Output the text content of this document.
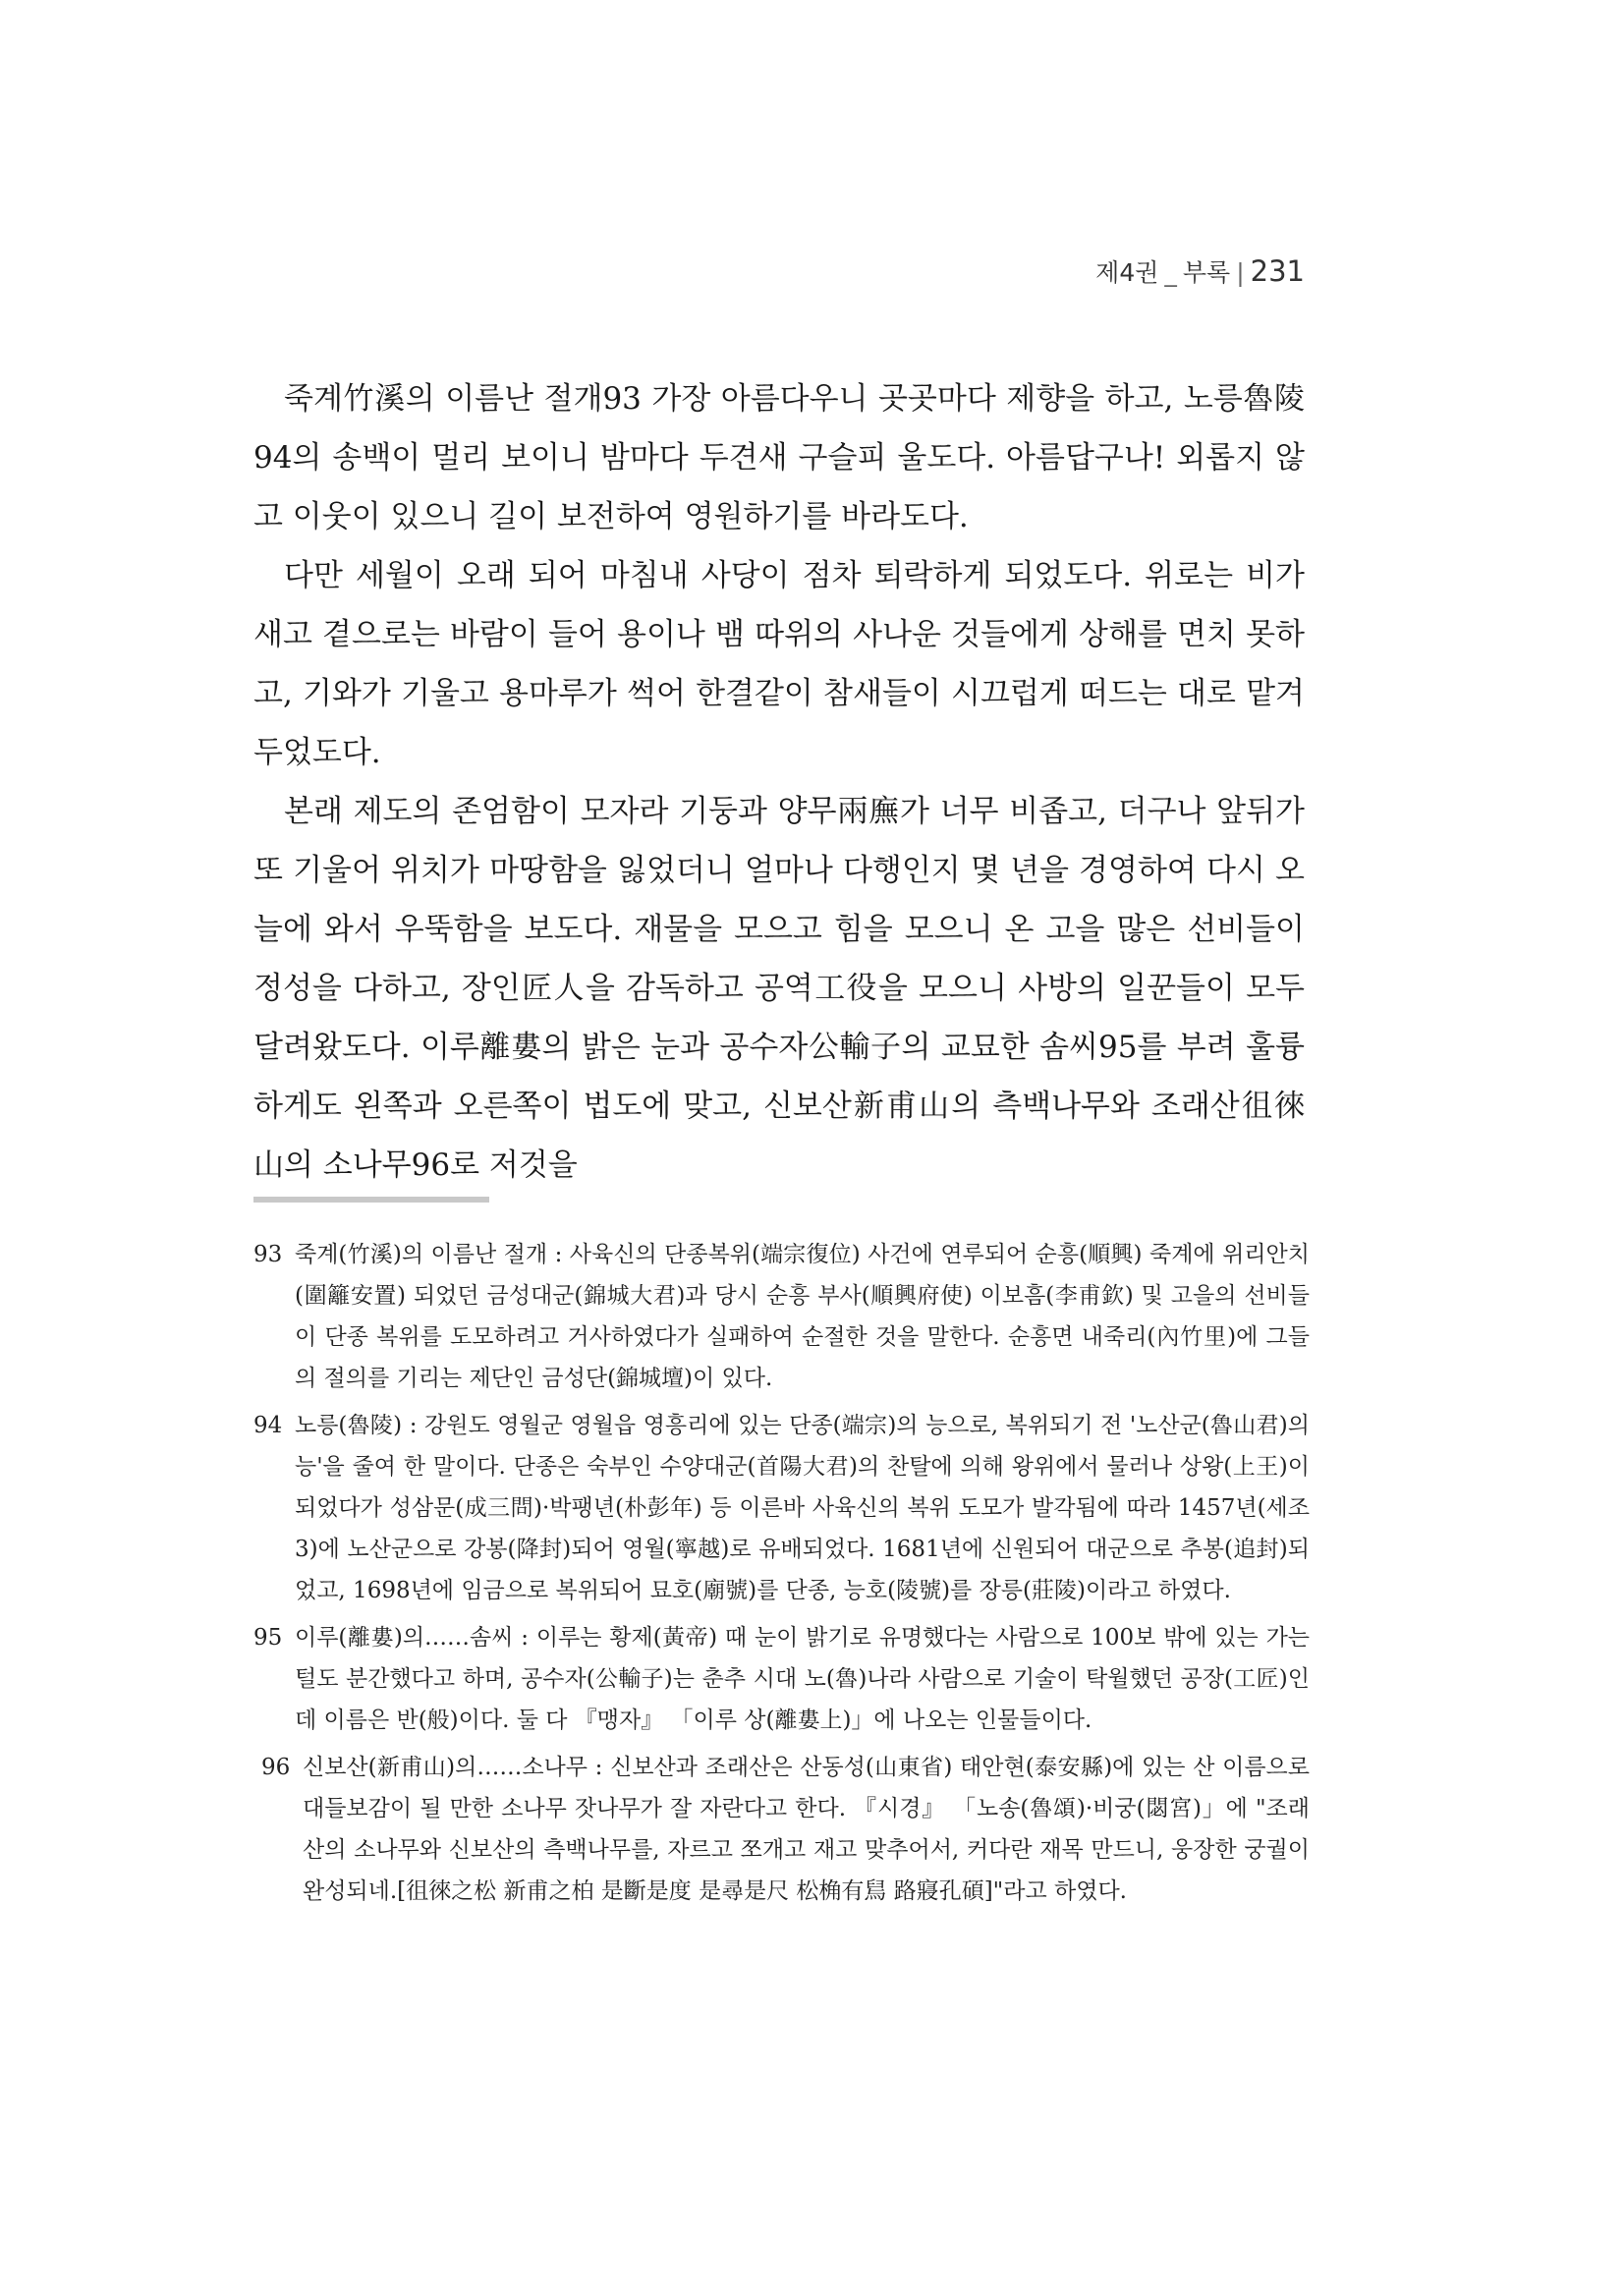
제4권 _ 부록 | 231

죽계竹溪의 이름난 절개93 가장 아름다우니 곳곳마다 제향을 하고, 노릉魯陵94의 송백이 멀리 보이니 밤마다 두견새 구슬피 울도다. 아름답구나! 외롭지 않고 이웃이 있으니 길이 보전하여 영원하기를 바라도다.

다만 세월이 오래 되어 마침내 사당이 점차 퇴락하게 되었도다. 위로는 비가 새고 곁으로는 바람이 들어 용이나 뱀 따위의 사나운 것들에게 상해를 면치 못하고, 기와가 기울고 용마루가 썩어 한결같이 참새들이 시끄럽게 떠드는 대로 맡겨 두었도다.

본래 제도의 존엄함이 모자라 기둥과 양무兩廡가 너무 비좁고, 더구나 앞뒤가 또 기울어 위치가 마땅함을 잃었더니 얼마나 다행인지 몇 년을 경영하여 다시 오늘에 와서 우뚝함을 보도다. 재물을 모으고 힘을 모으니 온 고을 많은 선비들이 정성을 다하고, 장인匠人을 감독하고 공역工役을 모으니 사방의 일꾼들이 모두 달려왔도다. 이루離婁의 밝은 눈과 공수자公輸子의 교묘한 솜씨95를 부려 훌륭하게도 왼쪽과 오른쪽이 법도에 맞고, 신보산新甫山의 측백나무와 조래산徂徠山의 소나무96로 저것을

93 죽계(竹溪)의 이름난 절개 : 사육신의 단종복위(端宗復位) 사건에 연루되어 순흥(順興) 죽계에 위리안치(圍籬安置) 되었던 금성대군(錦城大君)과 당시 순흥 부사(順興府使) 이보흠(李甫欽) 및 고을의 선비들이 단종 복위를 도모하려고 거사하였다가 실패하여 순절한 것을 말한다. 순흥면 내죽리(內竹里)에 그들의 절의를 기리는 제단인 금성단(錦城壇)이 있다.
94 노릉(魯陵) : 강원도 영월군 영월읍 영흥리에 있는 단종(端宗)의 능으로, 복위되기 전 '노산군(魯山君)의 능'을 줄여 한 말이다. 단종은 숙부인 수양대군(首陽大君)의 찬탈에 의해 왕위에서 물러나 상왕(上王)이 되었다가 성삼문(成三問)·박팽년(朴彭年) 등 이른바 사육신의 복위 도모가 발각됨에 따라 1457년(세조3)에 노산군으로 강봉(降封)되어 영월(寧越)로 유배되었다. 1681년에 신원되어 대군으로 추봉(追封)되었고, 1698년에 임금으로 복위되어 묘호(廟號)를 단종, 능호(陵號)를 장릉(莊陵)이라고 하였다.
95 이루(離婁)의……솜씨 : 이루는 황제(黃帝) 때 눈이 밝기로 유명했다는 사람으로 100보 밖에 있는 가는 털도 분간했다고 하며, 공수자(公輸子)는 춘추 시대 노(魯)나라 사람으로 기술이 탁월했던 공장(工匠)인데 이름은 반(般)이다. 둘 다 『맹자』 「이루 상(離婁上)」에 나오는 인물들이다.
96 신보산(新甫山)의……소나무 : 신보산과 조래산은 산동성(山東省) 태안현(泰安縣)에 있는 산 이름으로 대들보감이 될 만한 소나무 잣나무가 잘 자란다고 한다. 『시경』 「노송(魯頌)·비궁(閟宮)」에 "조래산의 소나무와 신보산의 측백나무를, 자르고 쪼개고 재고 맞추어서, 커다란 재목 만드니, 웅장한 궁궐이 완성되네.[徂徠之松 新甫之柏 是斷是度 是尋是尺 松桷有舃 路寢孔碩]"라고 하였다.
